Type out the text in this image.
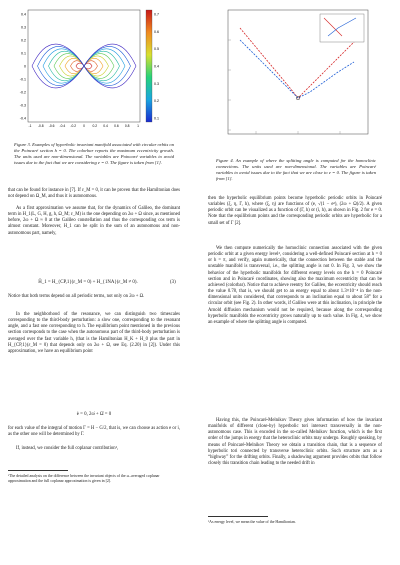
0.4
0.3
0.2
0.1
0
-0.1
-0.2
-0.3
-0.4
-1 -0.8 -0.6 -0.4 -0.2 0 0.2 0.4 0.6 0.8 1
0.7
0.6
0.5
0.4
0.3
0.2
0.1

Figure 3. Examples of hyperbolic invariant manifold associated with circular orbits on the Poincaré section h = 0. The colorbar reports the maximum eccentricity growth. The units used are non-dimensional. The variables are Poincaré variables to avoid issues due to the fact that we are considering e = 0. The figure is taken from [1].

that can be found for instance in [7]. If ε_M = 0, it can be proven that the Hamiltonian does not depend on Ω_M, and thus it is autonomous.

As a first approximation we assume that, for the dynamics of Galileo, the dominant term in H_1(L, G, H, g, h, Ω_M; ε_M) is the one depending on 2ω + Ω since, as mentioned before, 2ω + Ω ≈ 0 at the Galileo constellation and thus the corresponding cos term is almost constant. Moreover, H_1 can be split in the sum of an autonomous and non-autonomous part, namely,

H̄_1 = H_{CP,1}(ε_M = 0) + H_{1NA}(ε_M ≠ 0).	(3)

Notice that both terms depend on all periodic terms, not only on 2ω + Ω.

In the neighborhood of the resonance, we can distinguish two timescales corresponding to the third-body perturbation: a slow one, corresponding to the resonant angle, and a fast one corresponding to h. The equilibrium point mentioned in the previous section corresponds to the case when the autonomous part of the third-body perturbation is averaged over the fast variable h, (that is the Hamiltonian H_K + H_0 plus the part in H_{CP,1}(ε_M = 0) that depends only on 2ω + Ω, see Eq. (2.20) in [2]). Under this approximation, we have an equilibrium point

ė = 0, 2ω̇ + Ω̇ = 0

for each value of the integral of motion Γ = H − G/2, that is, we can choose as action e or i, as the other one will be determined by Γ.

If, instead, we consider the full coplanar contribution¹,

¹The detailed analysis on the difference between the invariant objects of the ω–averaged coplanar approximation and the full coplanar approximation is given in [2].

Figure 4. An example of where the splitting angle is computed for the homoclinic connections. The units used are non-dimensional. The variables are Poincaré variables to avoid issues due to the fact that we are close to e = 0. The figure is taken from [1].

then the hyperbolic equilibrium points become hyperbolic periodic orbits in Poincaré variables (ξ, η, Γ, h), where (ξ, η) are functions of (e, √(1 − e²), (2ω + Ω)/2). A given periodic orbit can be visualized as a function of (Γ, h) or (i, h), as shown in Fig. 2 for e = 0. Note that the equilibrium points and the corresponding periodic orbits are hyperbolic for a small set of Γ [2].

We then compute numerically the homoclinic connection associated with the given periodic orbit at a given energy level², considering a well-defined Poincaré section at h = 0 or h = π, and verify, again numerically, that the connection between the stable and the unstable manifold is transversal, i.e., the splitting angle is not 0. In Fig. 3, we show the behavior of the hyperbolic manifolds for different energy levels on the h = 0 Poincaré section and in Poincaré coordinates, showing also the maximum eccentricity that can be achieved (colorbar). Notice that to achieve reentry for Galileo, the eccentricity should reach the value 0.78, that is, we should get to an energy equal to about 1.3×10⁻⁴ in the non-dimensional units considered, that corresponds to an inclination equal to about 58° for a circular orbit (see Fig. 2). In other words, if Galileo were at this inclination, in principle the Arnold diffusion mechanism would not be required, because along the corresponding hyperbolic manifolds the eccentricity grows naturally up to such value. In Fig. 4, we show an example of where the splitting angle is computed.

Having this, the Poincaré-Melnikov Theory gives information of how the invariant manifolds of different (close-by) hyperbolic tori intersect transversally in the non-autonomous case. This is encoded in the so-called Melnikov function, which is the first order of the jumps in energy that the heteroclinic orbits may undergo. Roughly speaking, by means of Poincaré-Melnikov Theory we obtain a transition chain, that is a sequence of hyperbolic tori connected by transverse heteroclinic orbits. Such structure acts as a “highway” for the drifting orbits. Finally, a shadowing argument provides orbits that follow closely this transition chain leading to the needed drift in

²As energy level, we mean the value of the Hamiltonian.
